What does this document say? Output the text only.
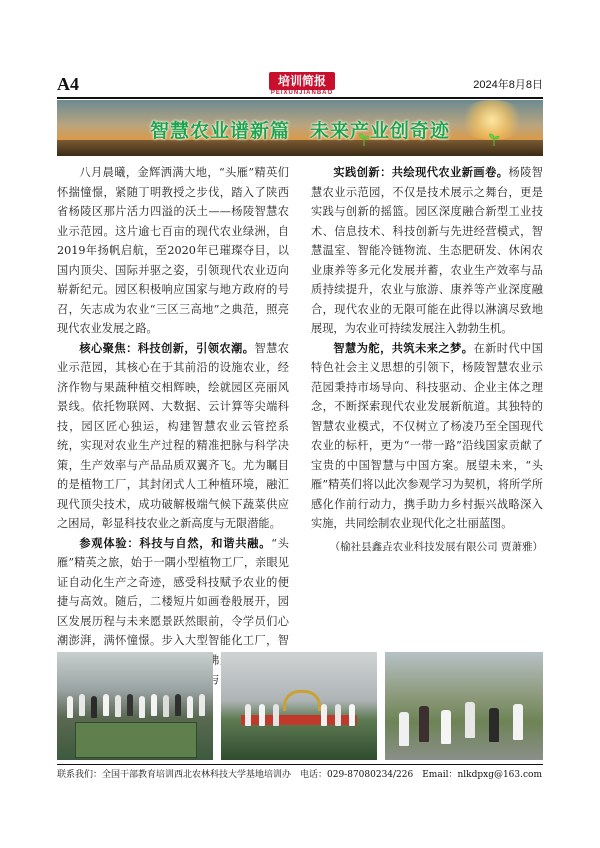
A4	培训简报
PEIXUNJIANBAO
2024年8月8日
智慧农业谱新篇　未来产业创奇迹

八月晨曦，金辉洒满大地，“头雁”精英们怀揣憧憬，紧随丁明教授之步伐，踏入了陕西省杨陵区那片活力四溢的沃土——杨陵智慧农业示范园。这片逾七百亩的现代农业绿洲，自2019年扬帆启航，至2020年已璀璨夺目，以国内顶尖、国际并驱之姿，引领现代农业迈向崭新纪元。园区积极响应国家与地方政府的号召，矢志成为农业“三区三高地”之典范，照亮现代农业发展之路。

核心聚焦：科技创新，引领农潮。智慧农业示范园，其核心在于其前沿的设施农业，经济作物与果蔬种植交相辉映，绘就园区亮丽风景线。依托物联网、大数据、云计算等尖端科技，园区匠心独运，构建智慧农业云管控系统，实现对农业生产过程的精准把脉与科学决策，生产效率与产品品质双翼齐飞。尤为瞩目的是植物工厂，其封闭式人工种植环境，融汇现代顶尖技术，成功破解极端气候下蔬菜供应之困局，彰显科技农业之新高度与无限潜能。

参观体验：科技与自然，和谐共融。“头雁”精英之旅，始于一隅小型植物工厂，亲眼见证自动化生产之奇迹，感受科技赋予农业的便捷与高效。随后，二楼短片如画卷般展开，园区发展历程与未来愿景跃然眼前，令学员们心潮澎湃，满怀憧憬。步入大型智能化工厂，智 佛 与

实践创新：共绘现代农业新画卷。杨陵智慧农业示范园，不仅是技术展示之舞台，更是实践与创新的摇篮。园区深度融合新型工业技术、信息技术、科技创新与先进经营模式，智慧温室、智能冷链物流、生态肥研发、休闲农业康养等多元化发展并蓄，农业生产效率与品质持续提升，农业与旅游、康养等产业深度融合，现代农业的无限可能在此得以淋漓尽致地展现，为农业可持续发展注入勃勃生机。

智慧为舵，共筑未来之梦。在新时代中国特色社会主义思想的引领下，杨陵智慧农业示范园秉持市场导向、科技驱动、企业主体之理念，不断探索现代农业发展新航道。其独特的智慧农业模式，不仅树立了杨凌乃至全国现代农业的标杆，更为“一带一路”沿线国家贡献了宝贵的中国智慧与中国方案。展望未来，“头雁”精英们将以此次参观学习为契机，将所学所感化作前行动力，携手助力乡村振兴战略深入实施，共同绘制农业现代化之壮丽蓝图。

（榆社县鑫垚农业科技发展有限公司 贾萧雅）

联系我们：全国干部教育培训西北农林科技大学基地培训办　电话：029-87080234/226　Email：nlkdpxg@163.com
